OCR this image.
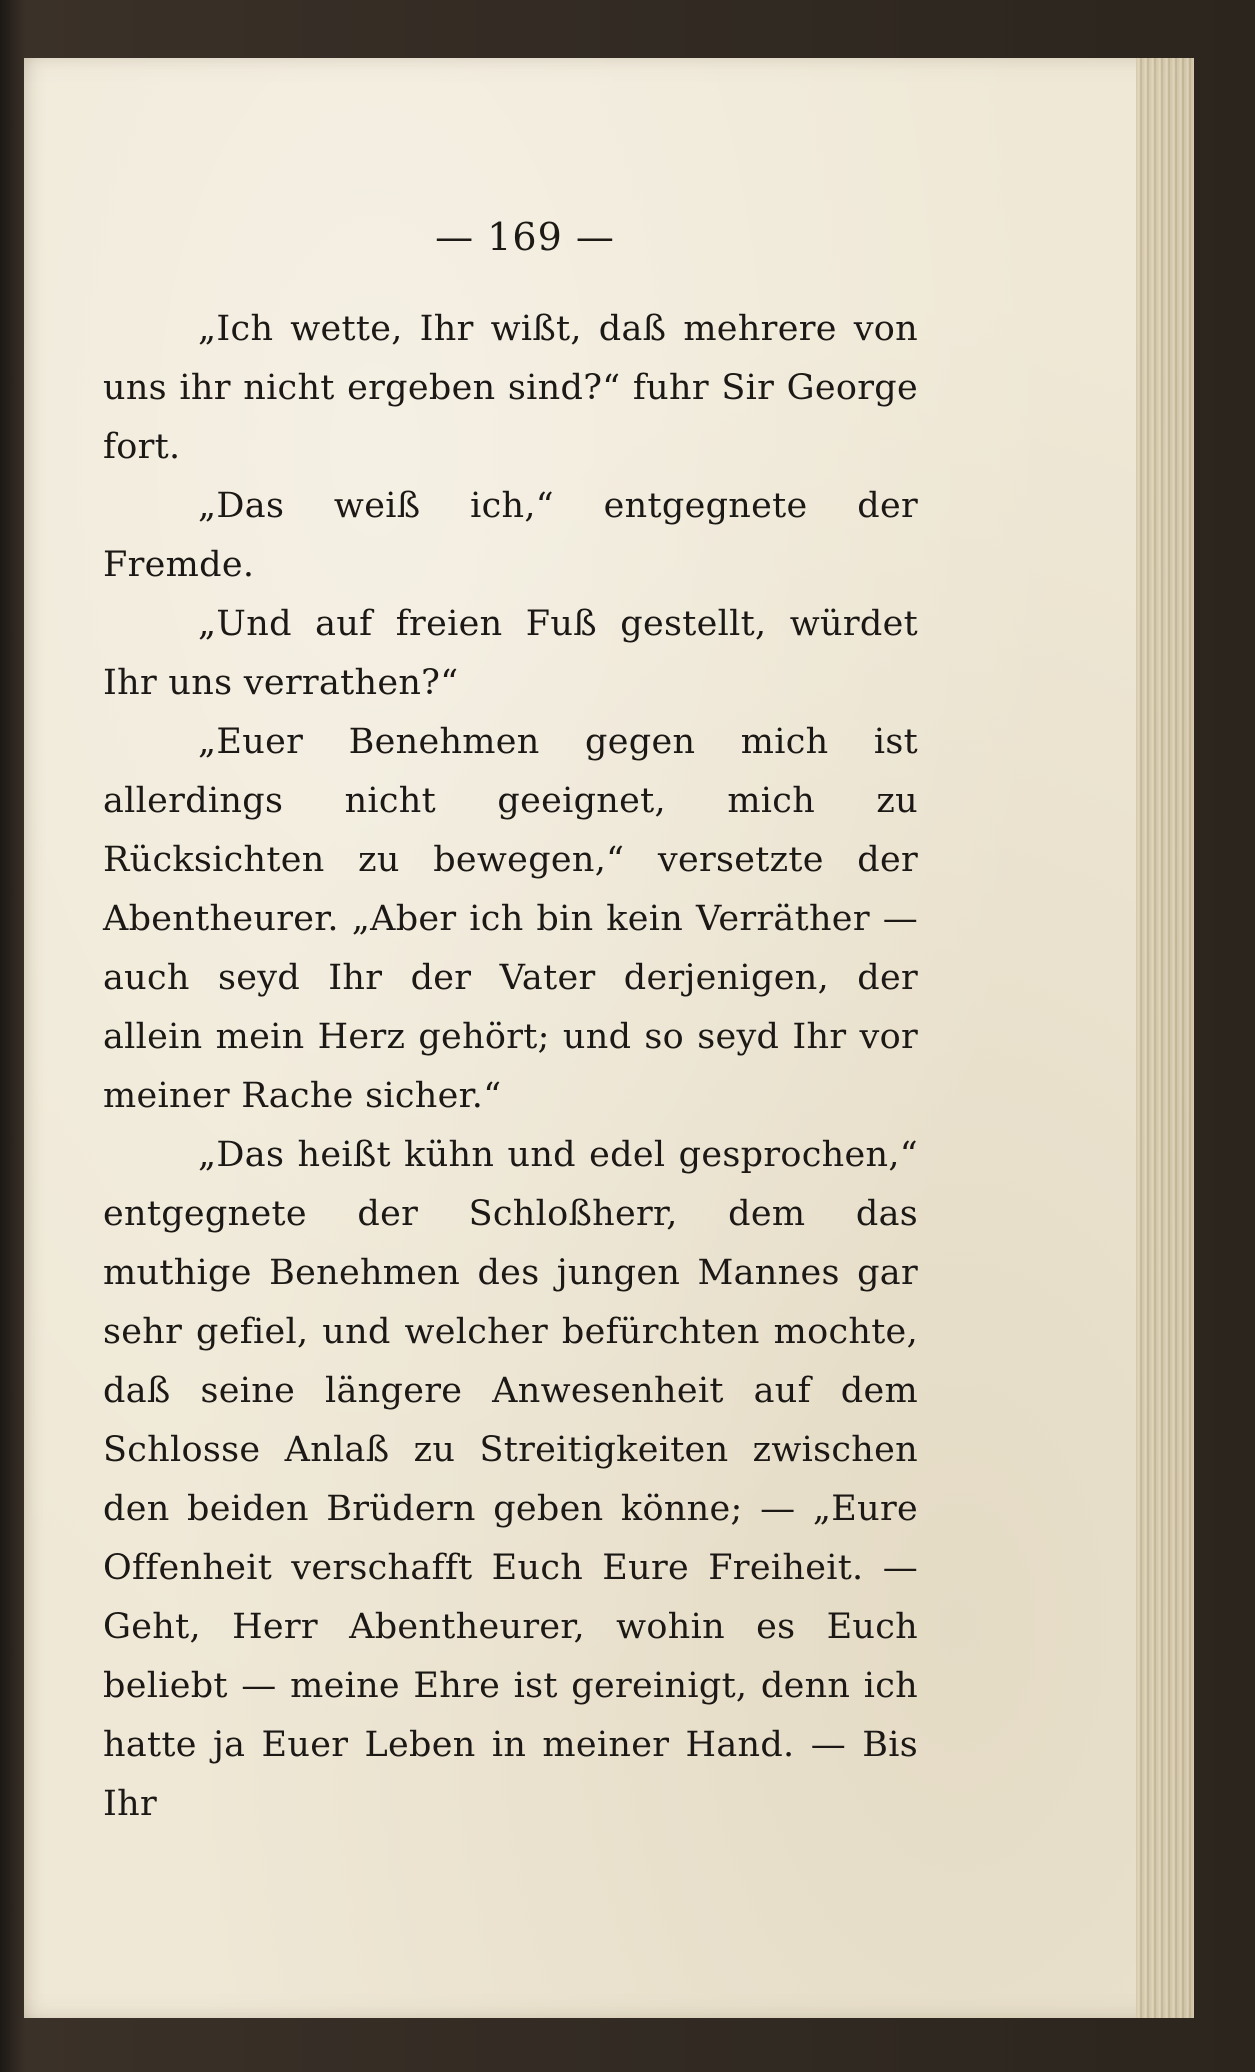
— 169 —

„Ich wette, Ihr wißt, daß mehrere von uns ihr nicht ergeben sind?“ fuhr Sir George fort.

„Das weiß ich,“ entgegnete der Fremde.

„Und auf freien Fuß gestellt, würdet Ihr uns verrathen?“

„Euer Benehmen gegen mich ist allerdings nicht geeignet, mich zu Rücksichten zu bewegen,“ versetzte der Abentheurer. „Aber ich bin kein Verräther — auch seyd Ihr der Vater derjenigen, der allein mein Herz gehört; und so seyd Ihr vor meiner Rache sicher.“

„Das heißt kühn und edel gesprochen,“ entgegnete der Schloßherr, dem das muthige Benehmen des jungen Mannes gar sehr gefiel, und welcher befürchten mochte, daß seine längere Anwesenheit auf dem Schlosse Anlaß zu Streitigkeiten zwischen den beiden Brüdern geben könne; — „Eure Offenheit verschafft Euch Eure Freiheit. — Geht, Herr Abentheurer, wohin es Euch beliebt — meine Ehre ist gereinigt, denn ich hatte ja Euer Leben in meiner Hand. — Bis Ihr
